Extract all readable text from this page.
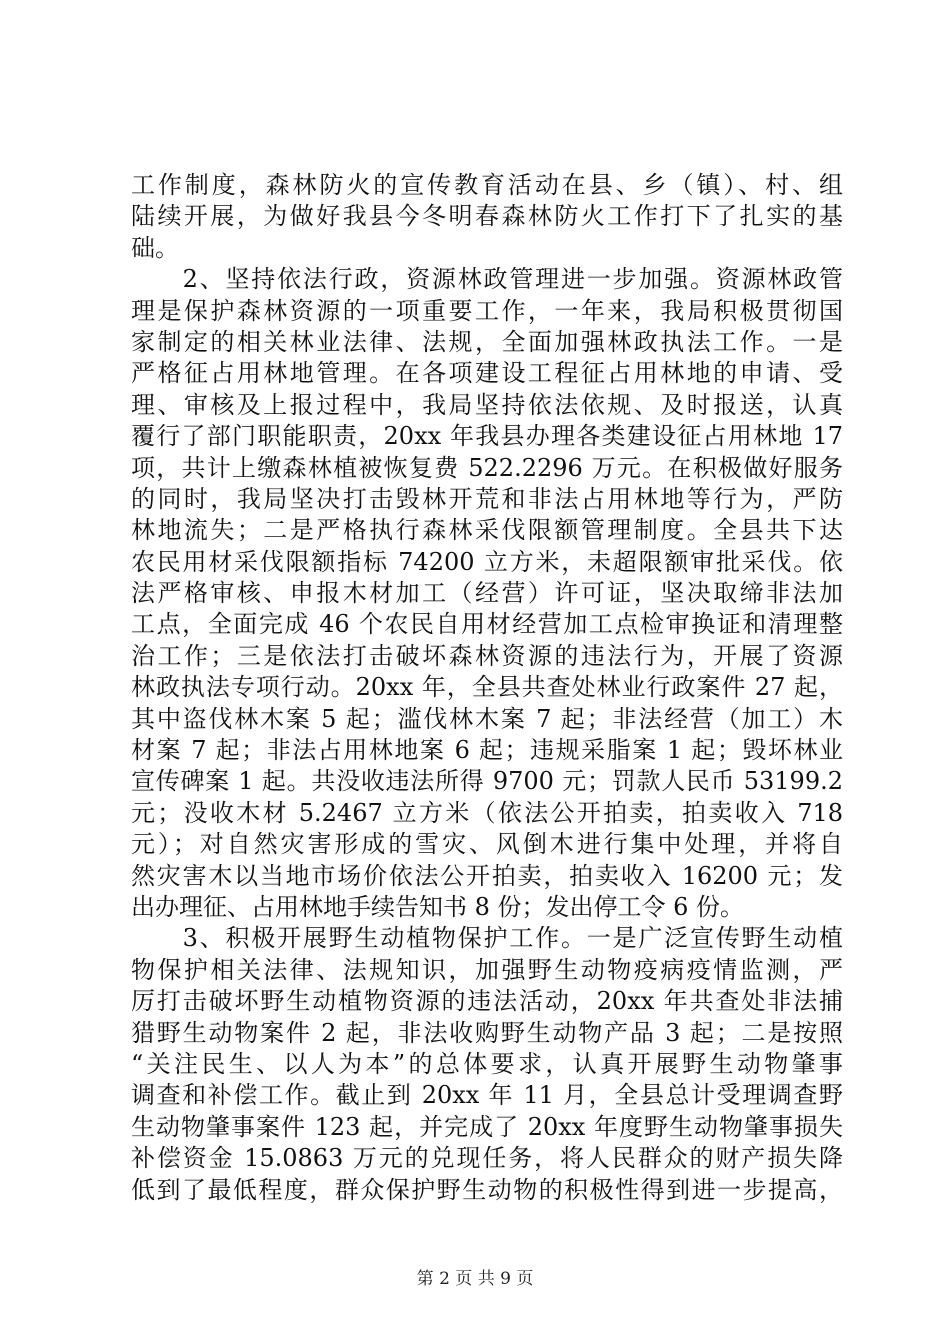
工作制度，森林防火的宣传教育活动在县、乡（镇）、村、组
陆续开展，为做好我县今冬明春森林防火工作打下了扎实的基
础。
　　2、坚持依法行政，资源林政管理进一步加强。资源林政管
理是保护森林资源的一项重要工作，一年来，我局积极贯彻国
家制定的相关林业法律、法规，全面加强林政执法工作。一是
严格征占用林地管理。在各项建设工程征占用林地的申请、受
理、审核及上报过程中，我局坚持依法依规、及时报送，认真
覆行了部门职能职责，20xx 年我县办理各类建设征占用林地 17
项，共计上缴森林植被恢复费 522.2296 万元。在积极做好服务
的同时，我局坚决打击毁林开荒和非法占用林地等行为，严防
林地流失；二是严格执行森林采伐限额管理制度。全县共下达
农民用材采伐限额指标 74200 立方米，未超限额审批采伐。依
法严格审核、申报木材加工（经营）许可证，坚决取缔非法加
工点，全面完成 46 个农民自用材经营加工点检审换证和清理整
治工作；三是依法打击破坏森林资源的违法行为，开展了资源
林政执法专项行动。20xx 年，全县共查处林业行政案件 27 起，
其中盗伐林木案 5 起；滥伐林木案 7 起；非法经营（加工）木
材案 7 起；非法占用林地案 6 起；违规采脂案 1 起；毁坏林业
宣传碑案 1 起。共没收违法所得 9700 元；罚款人民币 53199.2
元；没收木材 5.2467 立方米（依法公开拍卖，拍卖收入 718
元）；对自然灾害形成的雪灾、风倒木进行集中处理，并将自
然灾害木以当地市场价依法公开拍卖，拍卖收入 16200 元；发
出办理征、占用林地手续告知书 8 份；发出停工令 6 份。
　　3、积极开展野生动植物保护工作。一是广泛宣传野生动植
物保护相关法律、法规知识，加强野生动物疫病疫情监测，严
厉打击破坏野生动植物资源的违法活动，20xx 年共查处非法捕
猎野生动物案件 2 起，非法收购野生动物产品 3 起；二是按照
“关注民生、以人为本”的总体要求，认真开展野生动物肇事
调查和补偿工作。截止到 20xx 年 11 月，全县总计受理调查野
生动物肇事案件 123 起，并完成了 20xx 年度野生动物肇事损失
补偿资金 15.0863 万元的兑现任务，将人民群众的财产损失降
低到了最低程度，群众保护野生动物的积极性得到进一步提高，
第 2 页 共 9 页
